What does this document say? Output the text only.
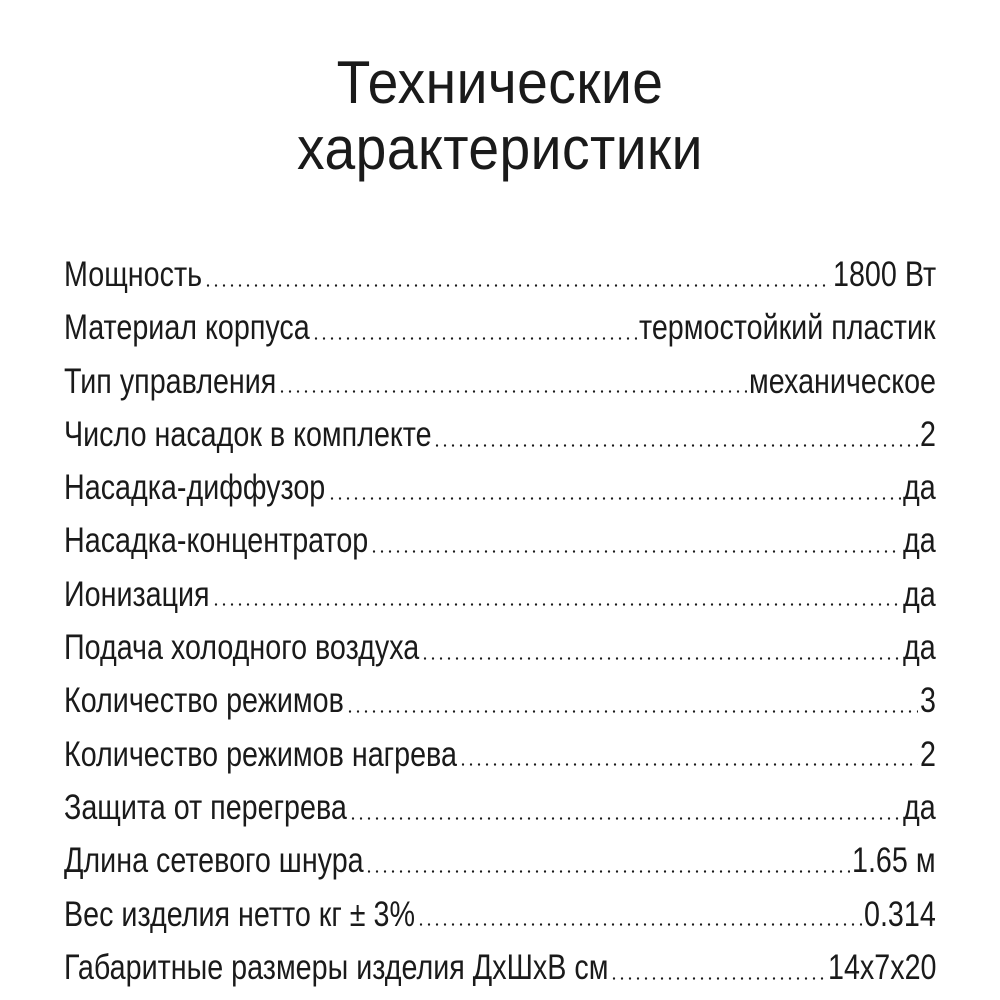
Технические
характеристики
Мощность	1800 Вт
Материал корпуса	термостойкий пластик
Тип управления	механическое
Число насадок в комплекте	2
Насадка-диффузор	да
Насадка-концентратор	да
Ионизация	да
Подача холодного воздуха	да
Количество режимов	3
Количество режимов нагрева	2
Защита от перегрева	да
Длина сетевого шнура	1.65 м
Вес изделия нетто кг ± 3%	0.314
Габаритные размеры изделия ДхШхВ см	14х7х20
